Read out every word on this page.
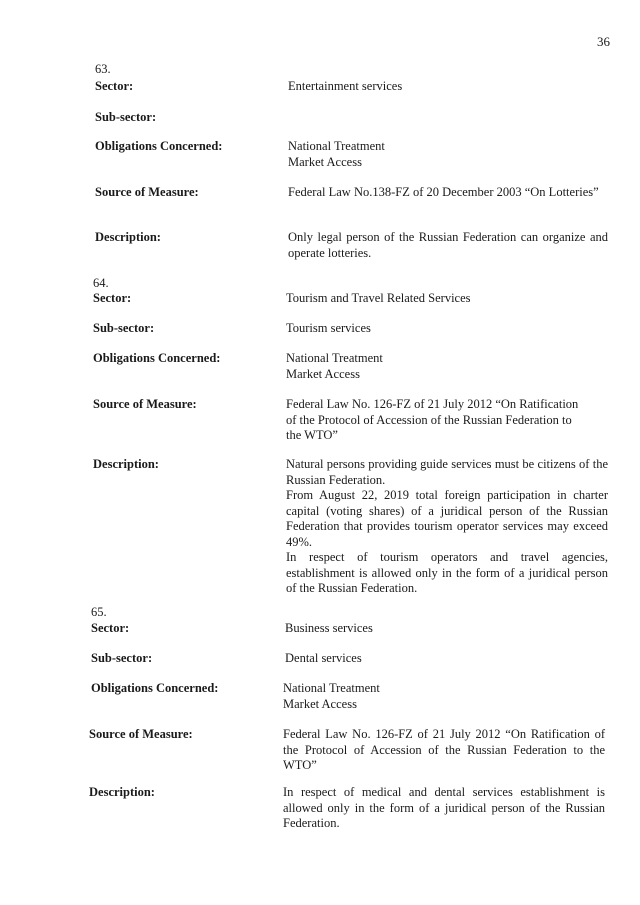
36
63.
Sector:	Entertainment services
Sub-sector:
Obligations Concerned:	National Treatment
Market Access
Source of Measure:	Federal Law No.138-FZ of 20 December 2003 “On Lotteries”
Description:	Only legal person of the Russian Federation can organize and operate lotteries.
64.
Sector:	Tourism and Travel Related Services
Sub-sector:	Tourism services
Obligations Concerned:	National Treatment
Market Access
Source of Measure:	Federal Law No. 126-FZ of 21 July 2012 “On Ratification
of the Protocol of Accession of the Russian Federation to
the WTO”
Description:	Natural persons providing guide services must be citizens of the Russian Federation.
From August 22, 2019 total foreign participation in charter capital (voting shares) of a juridical person of the Russian Federation that provides tourism operator services may exceed 49%.
In respect of tourism operators and travel agencies, establishment is allowed only in the form of a juridical person of the Russian Federation.
65.
Sector:	Business services
Sub-sector:	Dental services
Obligations Concerned:	National Treatment
Market Access
Source of Measure:	Federal Law No. 126-FZ of 21 July 2012 “On Ratification of the Protocol of Accession of the Russian Federation to the WTO”
Description:	In respect of medical and dental services establishment is allowed only in the form of a juridical person of the Russian Federation.
